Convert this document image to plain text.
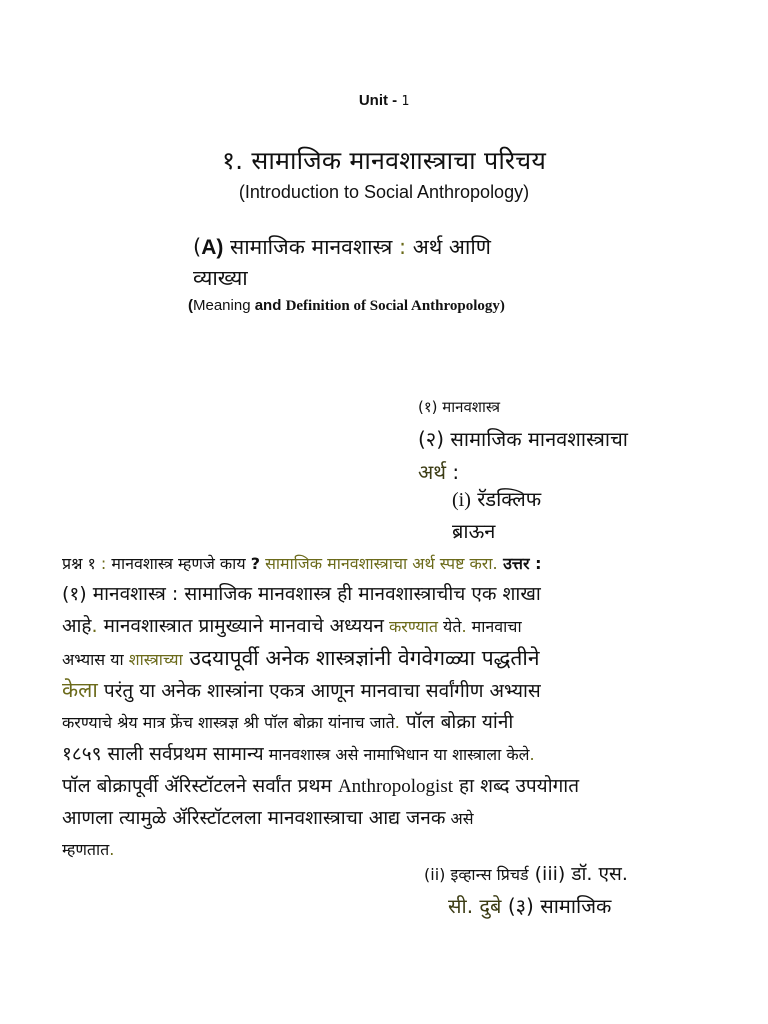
Unit - 1
१. सामाजिक मानवशास्त्राचा परिचय
(Introduction to Social Anthropology)
(A) सामाजिक मानवशास्त्र : अर्थ आणि
व्याख्या
(Meaning and Definition of Social Anthropology)
(१) मानवशास्त्र
(२) सामाजिक मानवशास्त्राचा
अर्थ :
(i) रॅडक्लिफ
ब्राऊन
प्रश्न १ : मानवशास्त्र म्हणजे काय ? सामाजिक मानवशास्त्राचा अर्थ स्पष्ट करा. उत्तर :
(१) मानवशास्त्र : सामाजिक मानवशास्त्र ही मानवशास्त्राचीच एक शाखा
आहे. मानवशास्त्रात प्रामुख्याने मानवाचे अध्ययन करण्यात येते. मानवाचा
अभ्यास या शास्त्राच्या उदयापूर्वी अनेक शास्त्रज्ञांनी वेगवेगळ्या पद्धतीने
केला परंतु या अनेक शास्त्रांना एकत्र आणून मानवाचा सर्वांगीण अभ्यास
करण्याचे श्रेय मात्र फ्रेंच शास्त्रज्ञ श्री पॉल बोक्रा यांनाच जाते. पॉल बोक्रा यांनी
१८५९ साली सर्वप्रथम सामान्य मानवशास्त्र असे नामाभिधान या शास्त्राला केले.
पॉल बोक्रापूर्वी ॲरिस्टॉटलने सर्वांत प्रथम Anthropologist हा शब्द उपयोगात
आणला त्यामुळे ॲरिस्टॉटलला मानवशास्त्राचा आद्य जनक असे
म्हणतात.
(ii) इव्हान्स प्रिचर्ड (iii) डॉ. एस.
सी. दुबे (३) सामाजिक
